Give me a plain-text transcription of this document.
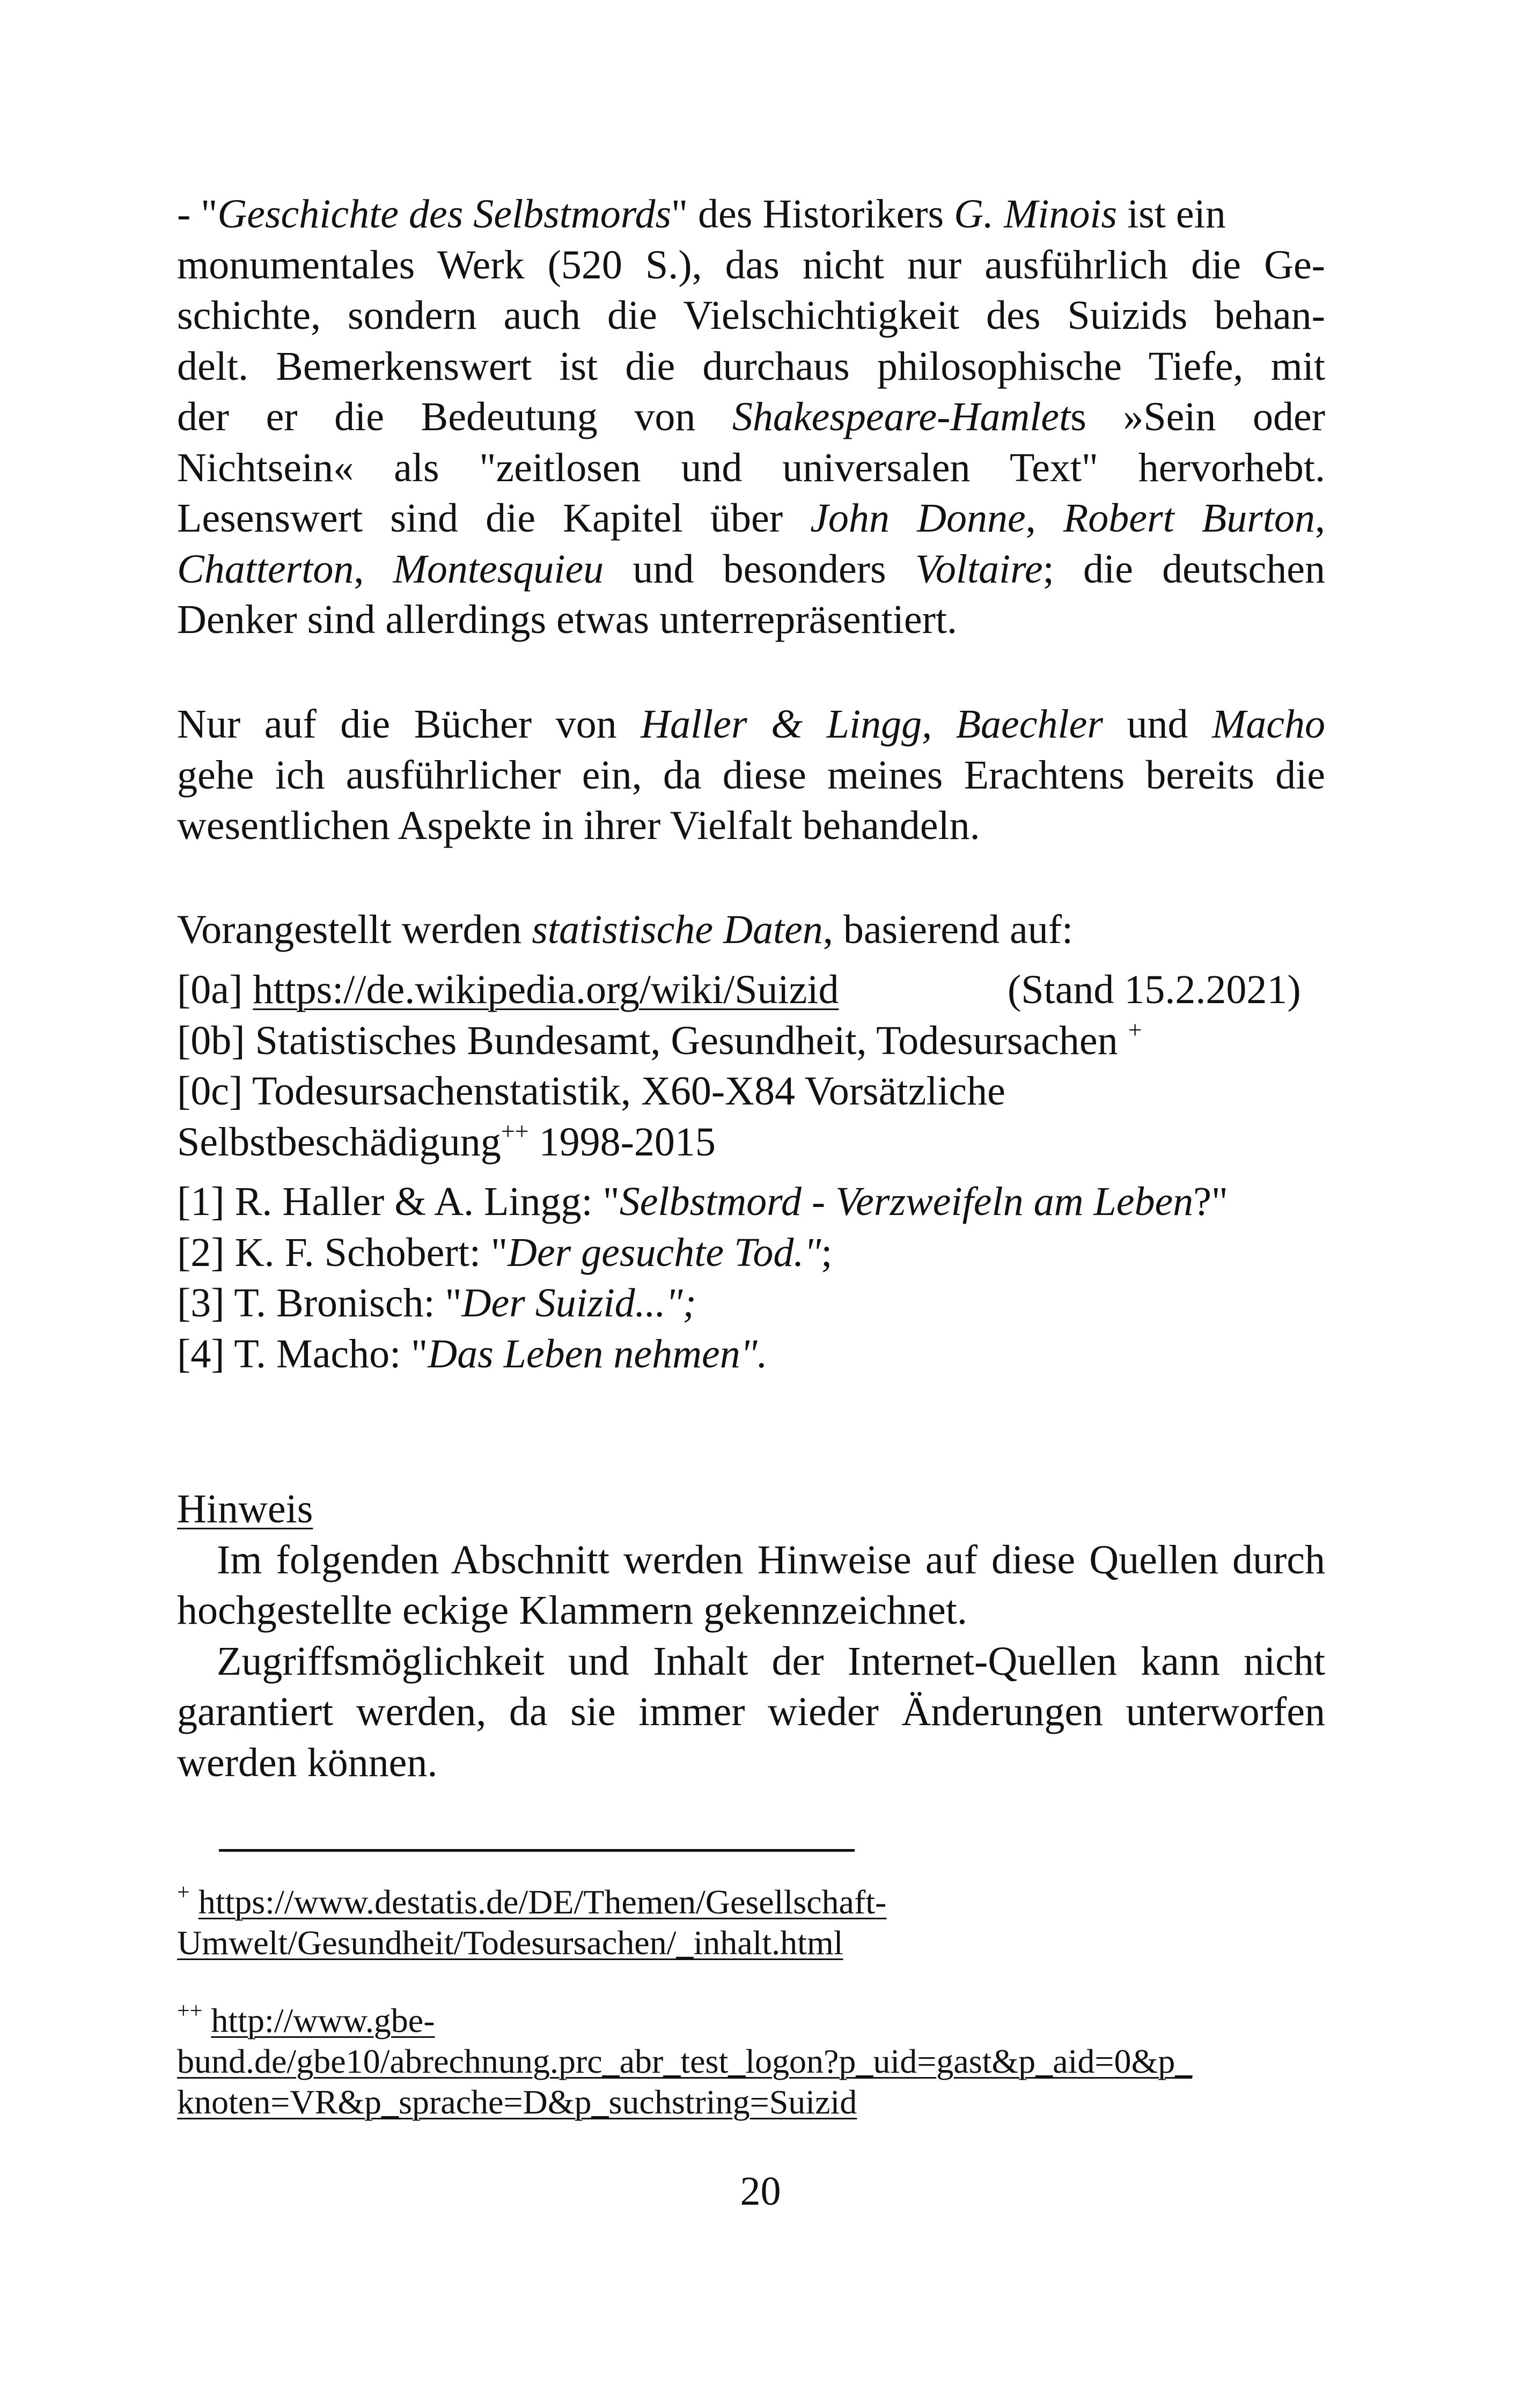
- "Geschichte des Selbstmords" des Historikers G. Minois ist ein
monumentales Werk (520 S.), das nicht nur ausführlich die Ge-
schichte, sondern auch die Vielschichtigkeit des Suizids behan-
delt. Bemerkenswert ist die durchaus philosophische Tiefe, mit
der er die Bedeutung von Shakespeare-Hamlets »Sein oder
Nichtsein« als "zeitlosen und universalen Text" hervorhebt.
Lesenswert sind die Kapitel über John Donne, Robert Burton,
Chatterton, Montesquieu und besonders Voltaire; die deutschen
Denker sind allerdings etwas unterrepräsentiert.
Nur auf die Bücher von Haller & Lingg, Baechler und Macho
gehe ich ausführlicher ein, da diese meines Erachtens bereits die
wesentlichen Aspekte in ihrer Vielfalt behandeln.
Vorangestellt werden statistische Daten, basierend auf:
[0a] https://de.wikipedia.org/wiki/Suizid	(Stand 15.2.2021)
[0b] Statistisches Bundesamt, Gesundheit, Todesursachen +
[0c] Todesursachenstatistik, X60-X84 Vorsätzliche
Selbstbeschädigung++ 1998-2015
[1] R. Haller & A. Lingg: "Selbstmord - Verzweifeln am Leben?"
[2] K. F. Schobert: "Der gesuchte Tod.";
[3] T. Bronisch: "Der Suizid...";
[4] T. Macho: "Das Leben nehmen".
Hinweis
Im folgenden Abschnitt werden Hinweise auf diese Quellen durch hochgestellte eckige Klammern gekennzeichnet.
Zugriffsmöglichkeit und Inhalt der Internet-Quellen kann nicht garantiert werden, da sie immer wieder Änderungen unterworfen werden können.
+ https://www.destatis.de/DE/Themen/Gesellschaft-
Umwelt/Gesundheit/Todesursachen/_inhalt.html
++ http://www.gbe-
bund.de/gbe10/abrechnung.prc_abr_test_logon?p_uid=gast&p_aid=0&p_
knoten=VR&p_sprache=D&p_suchstring=Suizid
20
